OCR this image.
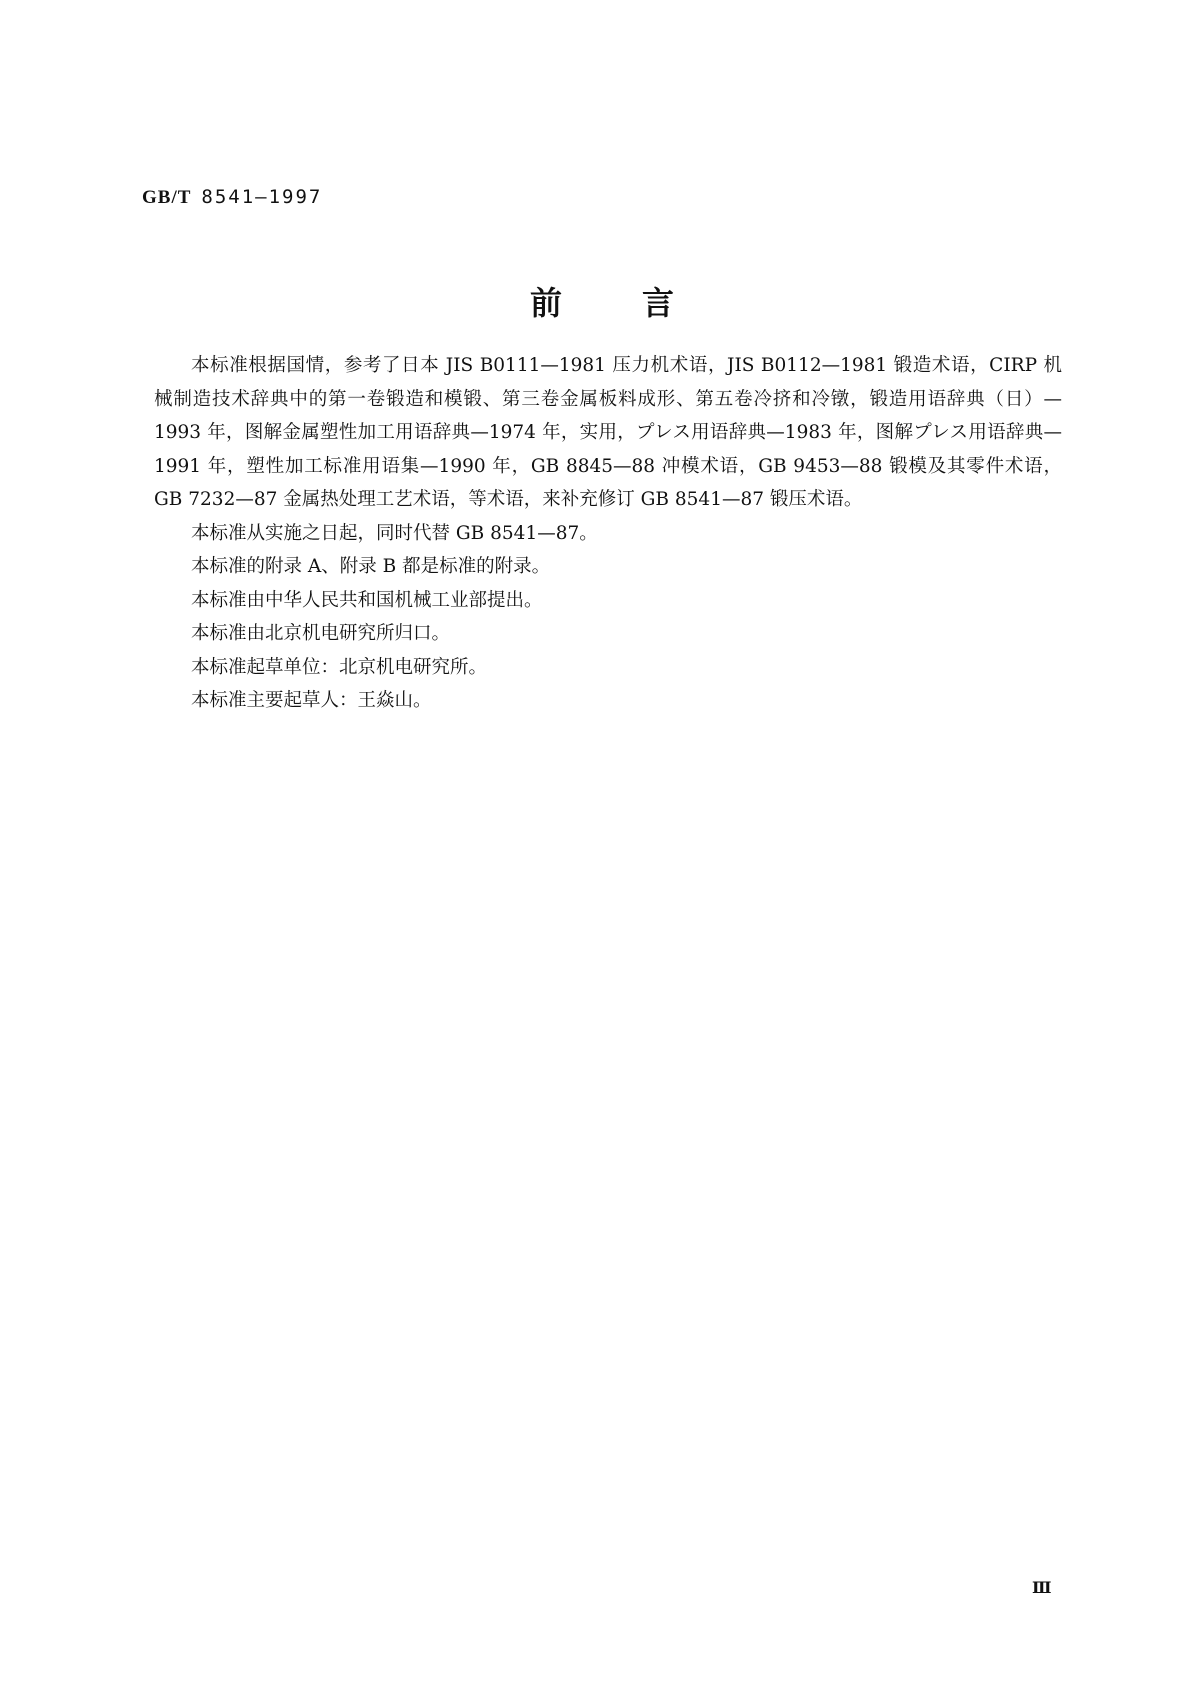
GB/T 8541—1997
前言

本标准根据国情，参考了日本 JIS B0111—1981 压力机术语，JIS B0112—1981 锻造术语，CIRP 机械制造技术辞典中的第一卷锻造和模锻、第三卷金属板料成形、第五卷冷挤和冷镦，锻造用语辞典（日）—1993 年，图解金属塑性加工用语辞典—1974 年，实用，プレス用语辞典—1983 年，图解プレス用语辞典—1991 年，塑性加工标准用语集—1990 年，GB 8845—88 冲模术语，GB 9453—88 锻模及其零件术语，GB 7232—87 金属热处理工艺术语，等术语，来补充修订 GB 8541—87 锻压术语。

本标准从实施之日起，同时代替 GB 8541—87。

本标准的附录 A、附录 B 都是标准的附录。

本标准由中华人民共和国机械工业部提出。

本标准由北京机电研究所归口。

本标准起草单位：北京机电研究所。

本标准主要起草人：王焱山。

Ⅲ
